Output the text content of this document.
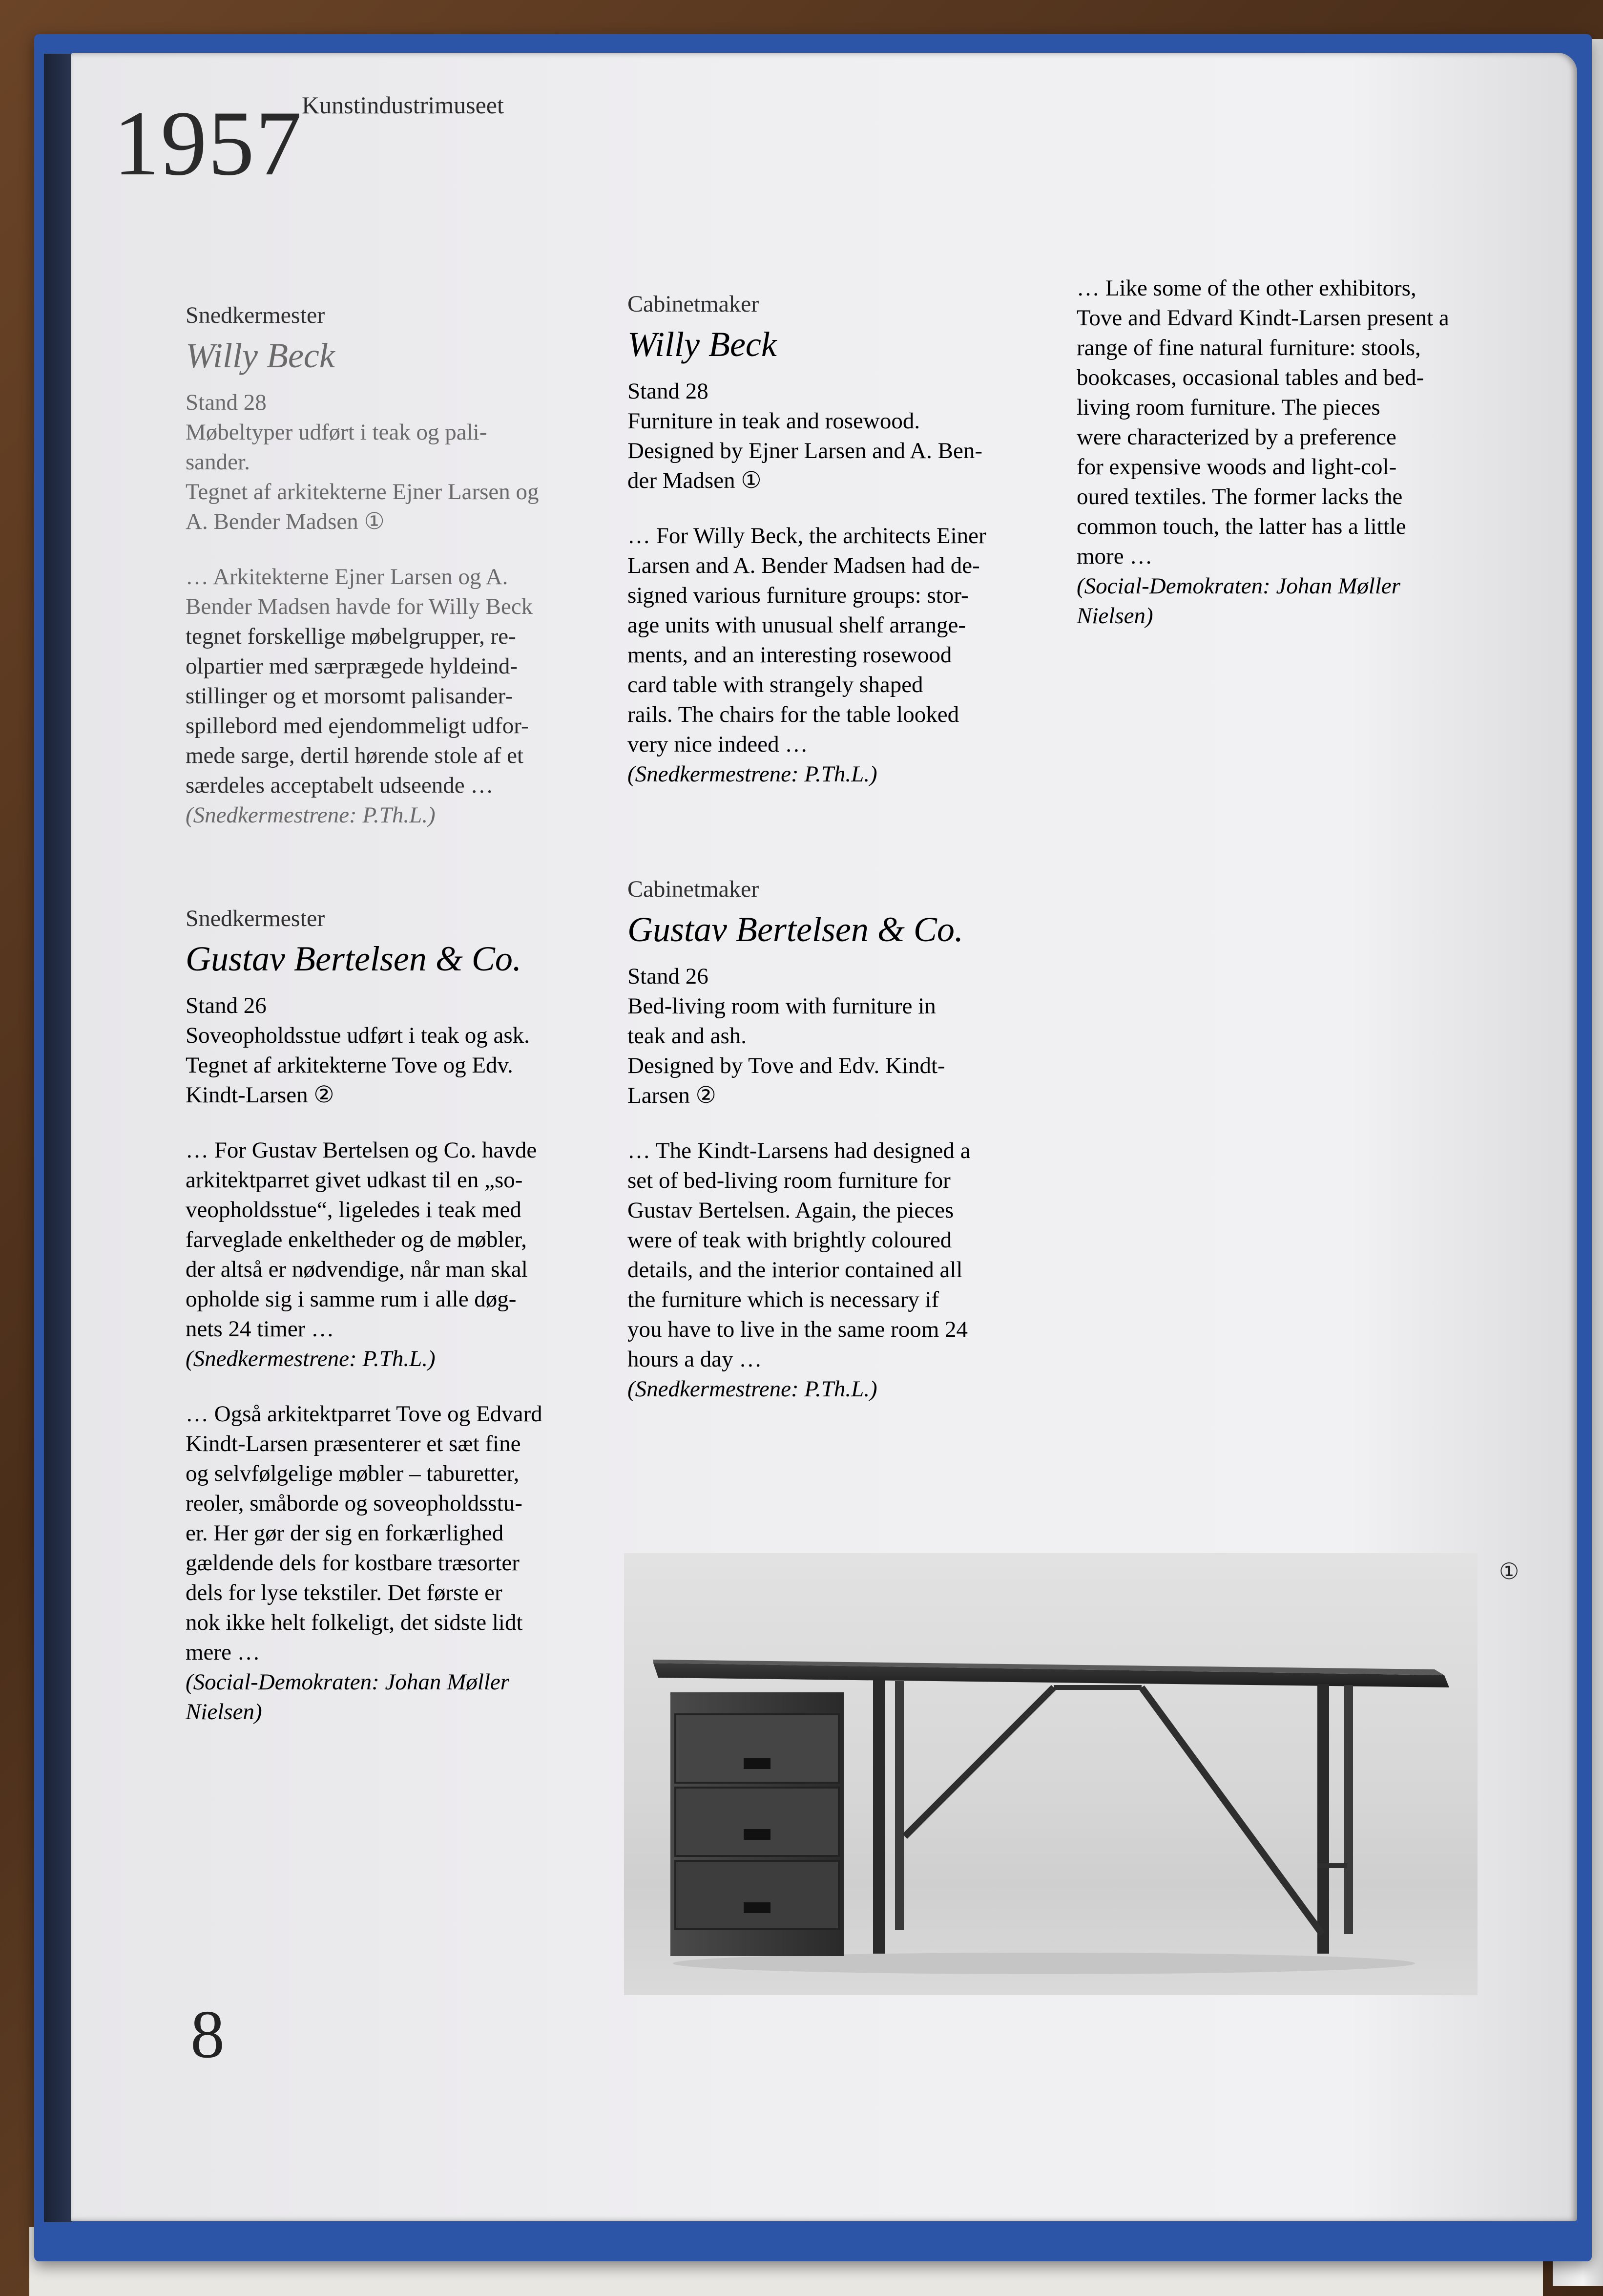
1957
Kunstindustrimuseet

Snedkermester

Willy Beck

Stand 28

Møbeltyper udført i teak og pali-

sander.

Tegnet af arkitekterne Ejner Larsen og

A. Bender Madsen ①

… Arkitekterne Ejner Larsen og A.

Bender Madsen havde for Willy Beck

tegnet forskellige møbelgrupper, re-

olpartier med særprægede hyldeind-

stillinger og et morsomt palisander-

spillebord med ejendommeligt udfor-

mede sarge, dertil hørende stole af et

særdeles acceptabelt udseende …

(Snedkermestrene: P.Th.L.)

Snedkermester

Gustav Bertelsen & Co.

Stand 26

Soveopholdsstue udført i teak og ask.

Tegnet af arkitekterne Tove og Edv.

Kindt-Larsen ②

… For Gustav Bertelsen og Co. havde

arkitektparret givet udkast til en „so-

veopholdsstue“, ligeledes i teak med

farveglade enkeltheder og de møbler,

der altså er nødvendige, når man skal

opholde sig i samme rum i alle døg-

nets 24 timer …

(Snedkermestrene: P.Th.L.)

… Også arkitektparret Tove og Edvard

Kindt-Larsen præsenterer et sæt fine

og selvfølgelige møbler – taburetter,

reoler, småborde og soveopholdsstu-

er. Her gør der sig en forkærlighed

gældende dels for kostbare træsorter

dels for lyse tekstiler. Det første er

nok ikke helt folkeligt, det sidste lidt

mere …

(Social-Demokraten: Johan Møller

Nielsen)

Cabinetmaker

Willy Beck

Stand 28

Furniture in teak and rosewood.

Designed by Ejner Larsen and A. Ben-

der Madsen ①

… For Willy Beck, the architects Einer

Larsen and A. Bender Madsen had de-

signed various furniture groups: stor-

age units with unusual shelf arrange-

ments, and an interesting rosewood

card table with strangely shaped

rails. The chairs for the table looked

very nice indeed …

(Snedkermestrene: P.Th.L.)

Cabinetmaker

Gustav Bertelsen & Co.

Stand 26

Bed-living room with furniture in

teak and ash.

Designed by Tove and Edv. Kindt-

Larsen ②

… The Kindt-Larsens had designed a

set of bed-living room furniture for

Gustav Bertelsen. Again, the pieces

were of teak with brightly coloured

details, and the interior contained all

the furniture which is necessary if

you have to live in the same room 24

hours a day …

(Snedkermestrene: P.Th.L.)

… Like some of the other exhibitors,

Tove and Edvard Kindt-Larsen present a

range of fine natural furniture: stools,

bookcases, occasional tables and bed-

living room furniture. The pieces

were characterized by a preference

for expensive woods and light-col-

oured textiles. The former lacks the

common touch, the latter has a little

more …

(Social-Demokraten: Johan Møller

Nielsen)

①
8
